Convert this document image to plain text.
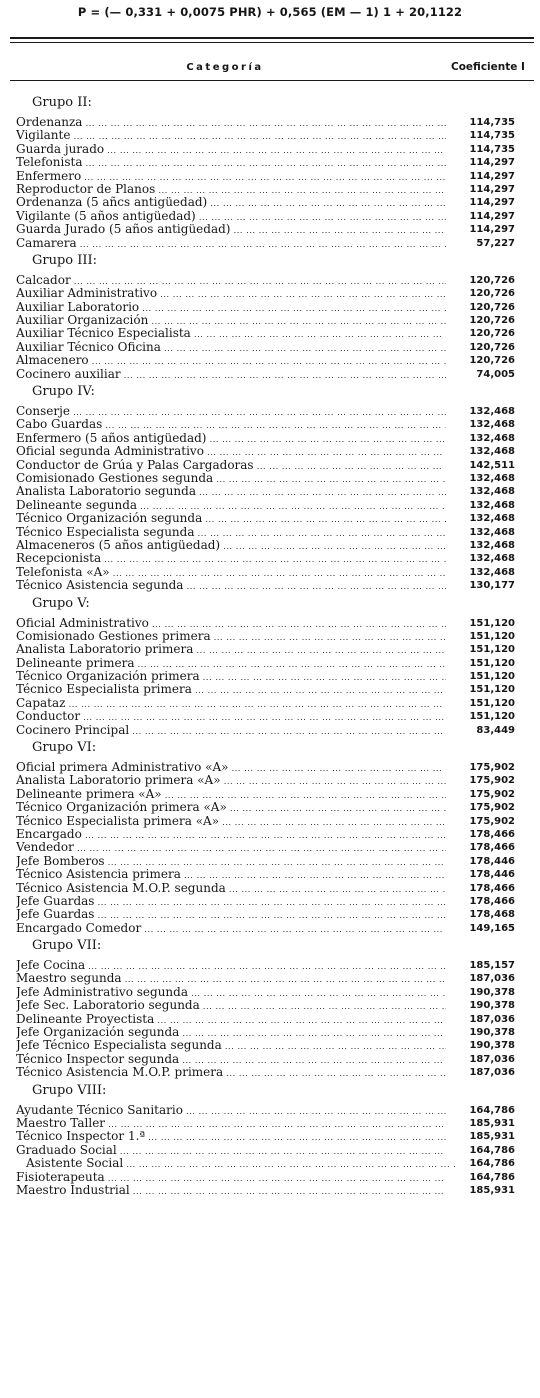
P = (— 0,331 + 0,0075 PHR) + 0,565 (EM — 1) 1 + 20,1122
Categoría	Coeficiente I
Grupo II:
Ordenanza ... .	114,735
Vigilante ... .	114,735
Guarda jurado ... .	114,735
Telefonista ... .	114,297
Enfermero ... .	114,297
Reproductor de Planos ... .	114,297
Ordenanza (5 añcs antigüedad) ... .	114,297
Vigilante (5 años antigüedad) ... .	114,297
Guarda Jurado (5 años antigüedad) ... .	114,297
Camarera ... .	57,227
Grupo III:
Calcador ... .	120,726
Auxiliar Administrativo ... .	120,726
Auxiliar Laboratorio ... .	120,726
Auxiliar Organización ... .	120,726
Auxiliar Técnico Especialista ... .	120,726
Auxiliar Técnico Oficina ... .	120,726
Almacenero ... .	120,726
Cocinero auxiliar ... .	74,005
Grupo IV:
Conserje ... .	132,468
Cabo Guardas ... .	132,468
Enfermero (5 años antigüedad) ... .	132,468
Oficial segunda Administrativo ... .	132,468
Conductor de Grúa y Palas Cargadoras ... .	142,511
Comisionado Gestiones segunda ... .	132,468
Analista Laboratorio segunda ... .	132,468
Delineante segunda ... .	132,468
Técnico Organización segunda ... .	132,468
Técnico Especialista segunda ... .	132,468
Almaceneros (5 años antigüedad) ... .	132,468
Recepcionista ... .	132,468
Telefonista «A» ... .	132,468
Técnico Asistencia segunda ... .	130,177
Grupo V:
Oficial Administrativo ... .	151,120
Comisionado Gestiones primera ... .	151,120
Analista Laboratorio primera ... .	151,120
Delineante primera ... .	151,120
Técnico Organización primera ... .	151,120
Técnico Especialista primera ... .	151,120
Capataz ... .	151,120
Conductor ... .	151,120
Cocinero Principal ... .	83,449
Grupo VI:
Oficial primera Administrativo «A» ... .	175,902
Analista Laboratorio primera «A» ... .	175,902
Delineante primera «A» ... .	175,902
Técnico Organización primera «A» ... .	175,902
Técnico Especialista primera «A» ... .	175,902
Encargado ... .	178,466
Vendedor ... .	178,466
Jefe Bomberos ... .	178,446
Técnico Asistencia primera ... .	178,446
Técnico Asistencia M.O.P. segunda ... .	178,466
Jefe Guardas ... .	178,466
Jefe Guardas ... .	178,468
Encargado Comedor ... .	149,165
Grupo VII:
Jefe Cocina ... .	185,157
Maestro segunda ... .	187,036
Jefe Administrativo segunda ... .	190,378
Jefe Sec. Laboratorio segunda ... .	190,378
Delineante Proyectista ... .	187,036
Jefe Organización segunda ... .	190,378
Jefe Técnico Especialista segunda ... .	190,378
Técnico Inspector segunda ... .	187,036
Técnico Asistencia M.O.P. primera ... .	187,036
Grupo VIII:
Ayudante Técnico Sanitario ... .	164,786
Maestro Taller ... .	185,931
Técnico Inspector 1.ª ... .	185,931
Graduado Social ... .	164,786
Asistente Social ... .	164,786
Fisioterapeuta ... .	164,786
Maestro Industrial ... .	185,931
